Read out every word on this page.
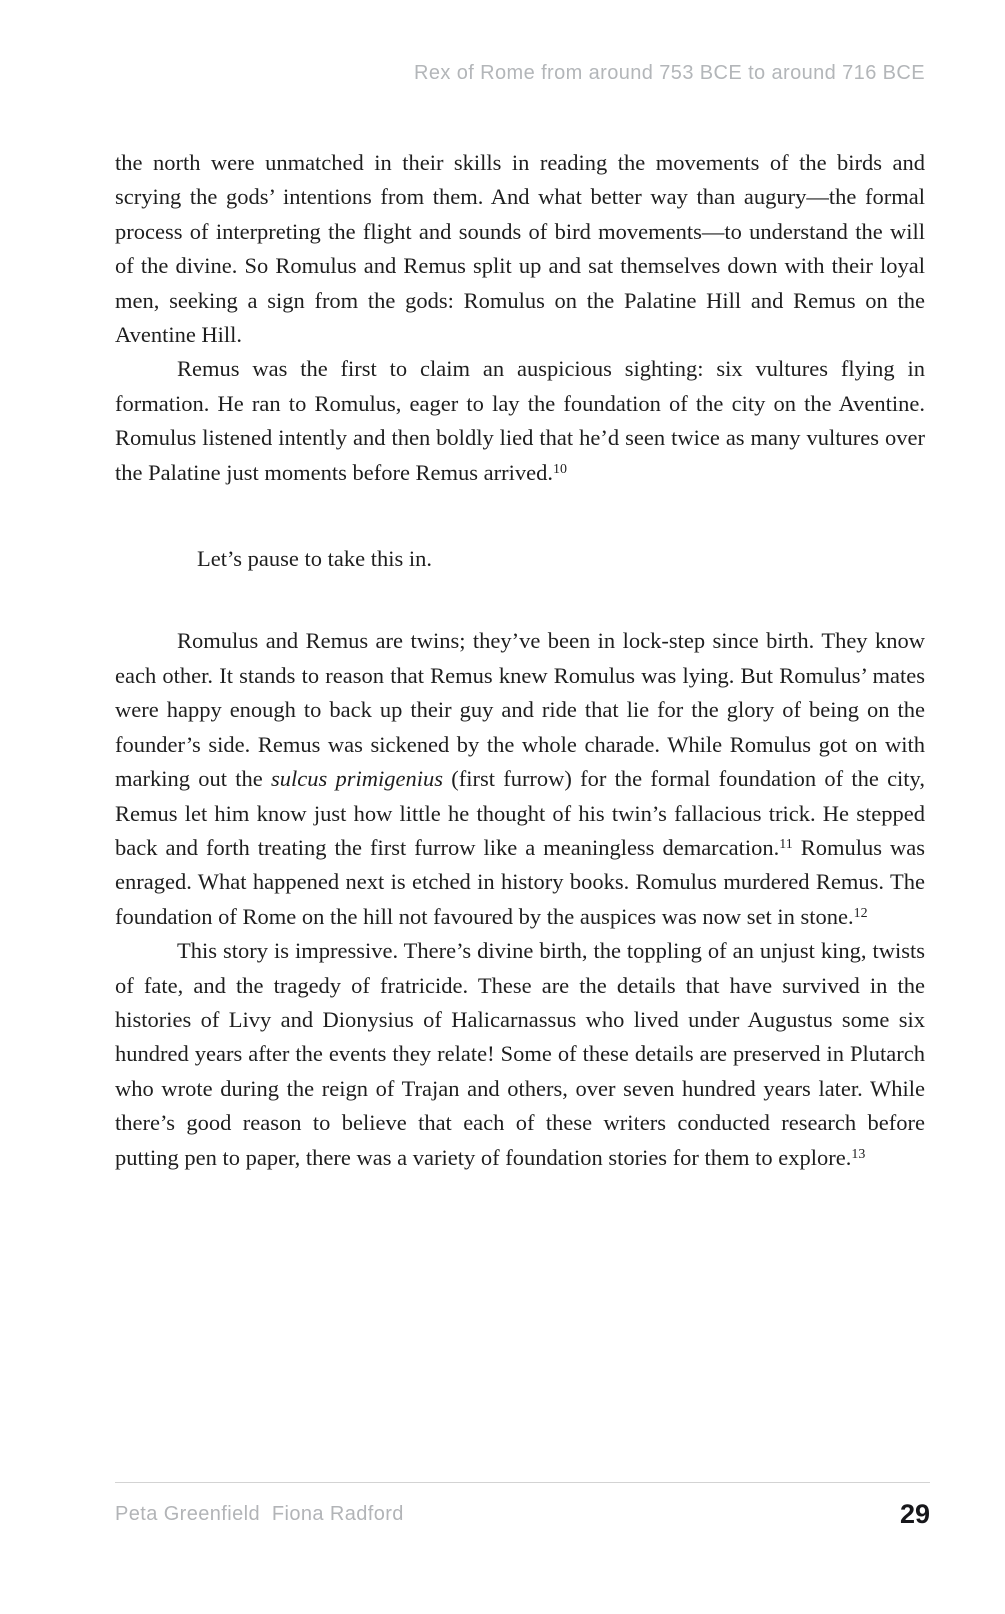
Rex of Rome from around 753 BCE to around 716 BCE

the north were unmatched in their skills in reading the movements of the birds and scrying the gods’ intentions from them. And what better way than augury—the formal process of interpreting the flight and sounds of bird movements—to understand the will of the divine. So Romulus and Remus split up and sat themselves down with their loyal men, seeking a sign from the gods: Romulus on the Palatine Hill and Remus on the Aventine Hill.

Remus was the first to claim an auspicious sighting: six vultures flying in formation. He ran to Romulus, eager to lay the foundation of the city on the Aventine. Romulus listened intently and then boldly lied that he’d seen twice as many vultures over the Palatine just moments before Remus arrived.$^{10}$

Let’s pause to take this in.

Romulus and Remus are twins; they’ve been in lock-step since birth. They know each other. It stands to reason that Remus knew Romulus was lying. But Romulus’ mates were happy enough to back up their guy and ride that lie for the glory of being on the founder’s side. Remus was sickened by the whole charade. While Romulus got on with marking out the sulcus primigenius (first furrow) for the formal foundation of the city, Remus let him know just how little he thought of his twin’s fallacious trick. He stepped back and forth treating the first furrow like a meaningless demarcation.$^{11}$ Romulus was enraged. What happened next is etched in history books. Romulus murdered Remus. The foundation of Rome on the hill not favoured by the auspices was now set in stone.$^{12}$

This story is impressive. There’s divine birth, the toppling of an unjust king, twists of fate, and the tragedy of fratricide. These are the details that have survived in the histories of Livy and Dionysius of Halicarnassus who lived under Augustus some six hundred years after the events they relate! Some of these details are preserved in Plutarch who wrote during the reign of Trajan and others, over seven hundred years later. While there’s good reason to believe that each of these writers conducted research before putting pen to paper, there was a variety of foundation stories for them to explore.$^{13}$

Peta Greenfield  Fiona Radford	29
